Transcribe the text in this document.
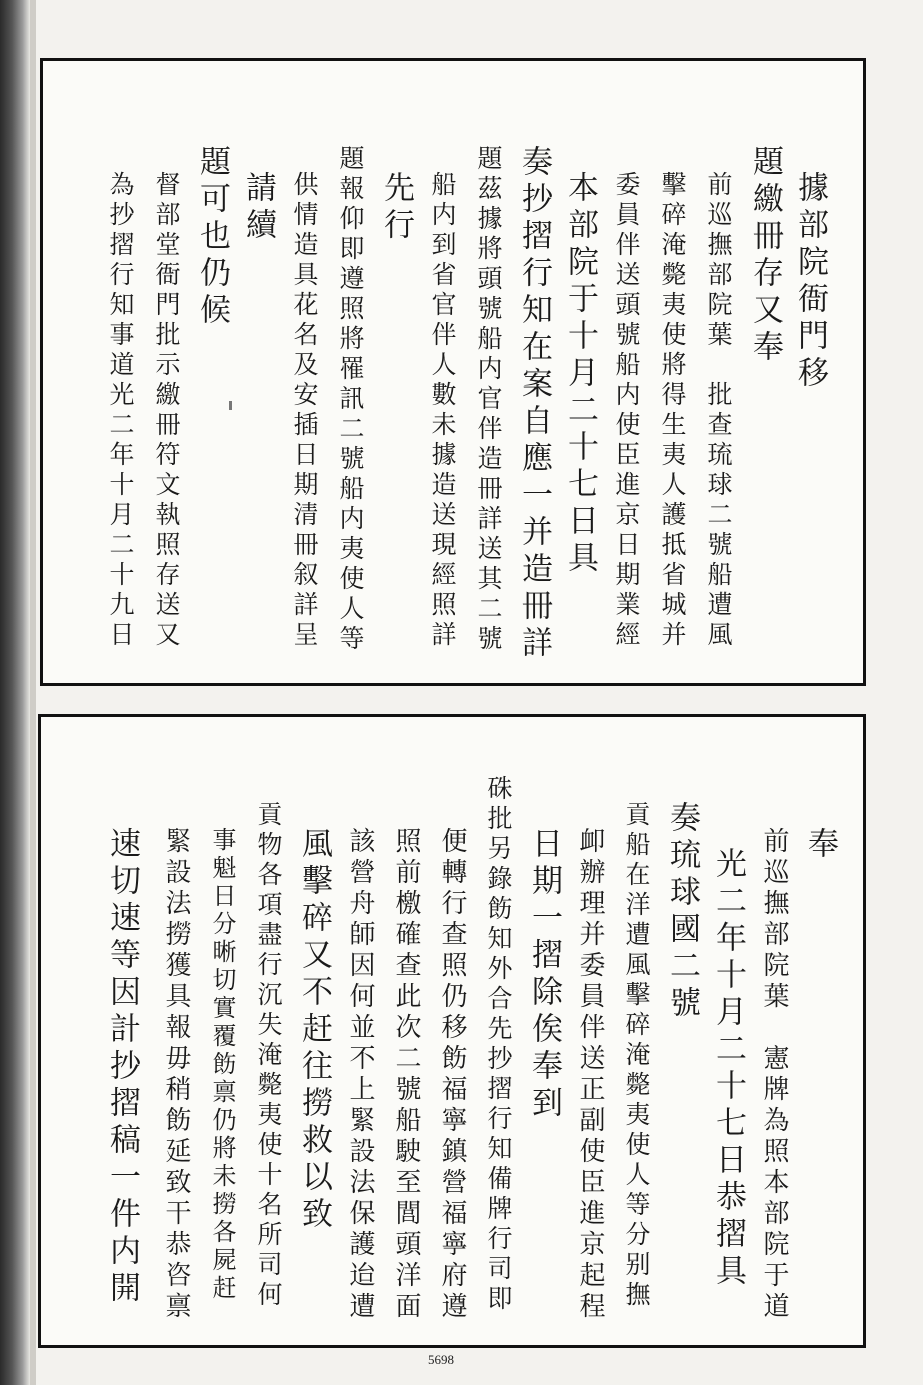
據部院衙門移
題繳冊存又奉
前巡撫部院葉　批查琉球二號船遭風
擊碎淹斃夷使將得生夷人護抵省城并
委員伴送頭號船内使臣進京日期業經
本部院于十月二十七日具
奏抄摺行知在案自應一并造冊詳
題茲據將頭號船内官伴造冊詳送其二號
船内到省官伴人數未據造送現經照詳
先行
題報仰即遵照將罹訊二號船内夷使人等
供情造具花名及安插日期清冊叙詳呈
請續
題可也仍候
督部堂衙門批示繳冊符文執照存送又
為抄摺行知事道光二年十月二十九日
奉
前巡撫部院葉　憲牌為照本部院于道
光二年十月二十七日恭摺具
奏琉球國二號
貢船在洋遭風擊碎淹斃夷使人等分别撫
卹辦理并委員伴送正副使臣進京起程
日期一摺除俟奉到
硃批另錄飭知外合先抄摺行知備牌行司即
便轉行查照仍移飭福寧鎮營福寧府遵
照前檄確查此次二號船駛至閭頭洋面
該營舟師因何並不上緊設法保護迨遭
風擊碎又不赶往撈救以致
貢物各項盡行沉失淹斃夷使十名所司何
事魁日分晰切實覆飭禀仍將未撈各屍赶
緊設法撈獲具報毋稍飭延致干恭咨禀
速切速等因計抄摺稿一件内開
5698
